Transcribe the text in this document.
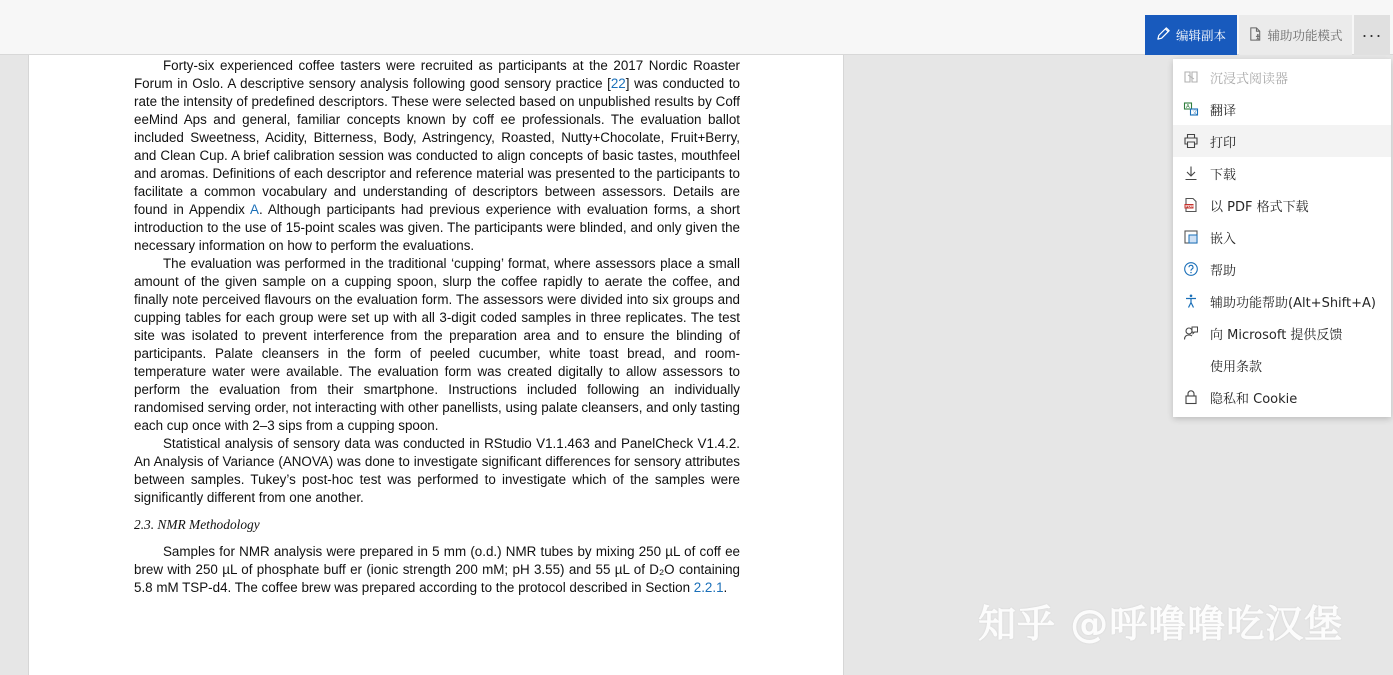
编辑副本	辅助功能模式 ···

Forty-six experienced coffee tasters were recruited as participants at the 2017 Nordic Roaster Forum in Oslo. A descriptive sensory analysis following good sensory practice [22] was conducted to rate the intensity of predefined descriptors. These were selected based on unpublished results by Coff eeMind Aps and general, familiar concepts known by coff ee professionals. The evaluation ballot included Sweetness, Acidity, Bitterness, Body, Astringency, Roasted, Nutty+Chocolate, Fruit+Berry, and Clean Cup. A brief calibration session was conducted to align concepts of basic tastes, mouthfeel and aromas. Definitions of each descriptor and reference material was presented to the participants to facilitate a common vocabulary and understanding of descriptors between assessors. Details are found in Appendix A. Although participants had previous experience with evaluation forms, a short introduction to the use of 15-point scales was given. The participants were blinded, and only given the necessary information on how to perform the evaluations.

The evaluation was performed in the traditional ‘cupping’ format, where assessors place a small amount of the given sample on a cupping spoon, slurp the coffee rapidly to aerate the coffee, and finally note perceived flavours on the evaluation form. The assessors were divided into six groups and cupping tables for each group were set up with all 3-digit coded samples in three replicates. The test site was isolated to prevent interference from the preparation area and to ensure the blinding of participants. Palate cleansers in the form of peeled cucumber, white toast bread, and room-temperature water were available. The evaluation form was created digitally to allow assessors to perform the evaluation from their smartphone. Instructions included following an individually randomised serving order, not interacting with other panellists, using palate cleansers, and only tasting each cup once with 2–3 sips from a cupping spoon.

Statistical analysis of sensory data was conducted in RStudio V1.1.463 and PanelCheck V1.4.2. An Analysis of Variance (ANOVA) was done to investigate significant differences for sensory attributes between samples. Tukey’s post-hoc test was performed to investigate which of the samples were significantly different from one another.

2.3. NMR Methodology

Samples for NMR analysis were prepared in 5 mm (o.d.) NMR tubes by mixing 250 µL of coff ee brew with 250 µL of phosphate buff er (ionic strength 200 mM; pH 3.55) and 55 µL of D₂O containing 5.8 mM TSP-d4. The coffee brew was prepared according to the protocol described in Section 2.2.1.

沉浸式阅读器
A
文 翻译
打印
下载
PDF 以 PDF 格式下载
嵌入
帮助
辅助功能帮助(Alt+Shift+A)
向 Microsoft 提供反馈
使用条款
隐私和 Cookie
知乎 @呼噜噜吃汉堡
